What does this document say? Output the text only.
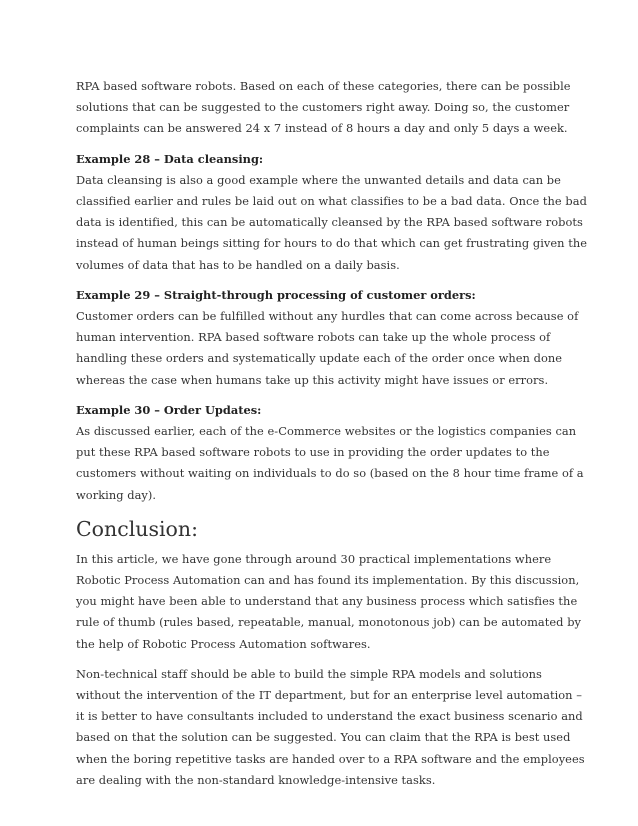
RPA based software robots. Based on each of these categories, there can be possible
solutions that can be suggested to the customers right away. Doing so, the customer
complaints can be answered 24 x 7 instead of 8 hours a day and only 5 days a week.

Example 28 – Data cleansing:

Data cleansing is also a good example where the unwanted details and data can be
classified earlier and rules be laid out on what classifies to be a bad data. Once the bad
data is identified, this can be automatically cleansed by the RPA based software robots
instead of human beings sitting for hours to do that which can get frustrating given the
volumes of data that has to be handled on a daily basis.

Example 29 – Straight-through processing of customer orders:

Customer orders can be fulfilled without any hurdles that can come across because of
human intervention. RPA based software robots can take up the whole process of
handling these orders and systematically update each of the order once when done
whereas the case when humans take up this activity might have issues or errors.

Example 30 – Order Updates:

As discussed earlier, each of the e-Commerce websites or the logistics companies can
put these RPA based software robots to use in providing the order updates to the
customers without waiting on individuals to do so (based on the 8 hour time frame of a
working day).

Conclusion:

In this article, we have gone through around 30 practical implementations where
Robotic Process Automation can and has found its implementation. By this discussion,
you might have been able to understand that any business process which satisfies the
rule of thumb (rules based, repeatable, manual, monotonous job) can be automated by
the help of Robotic Process Automation softwares.

Non-technical staff should be able to build the simple RPA models and solutions
without the intervention of the IT department, but for an enterprise level automation –
it is better to have consultants included to understand the exact business scenario and
based on that the solution can be suggested. You can claim that the RPA is best used
when the boring repetitive tasks are handed over to a RPA software and the employees
are dealing with the non-standard knowledge-intensive tasks.
